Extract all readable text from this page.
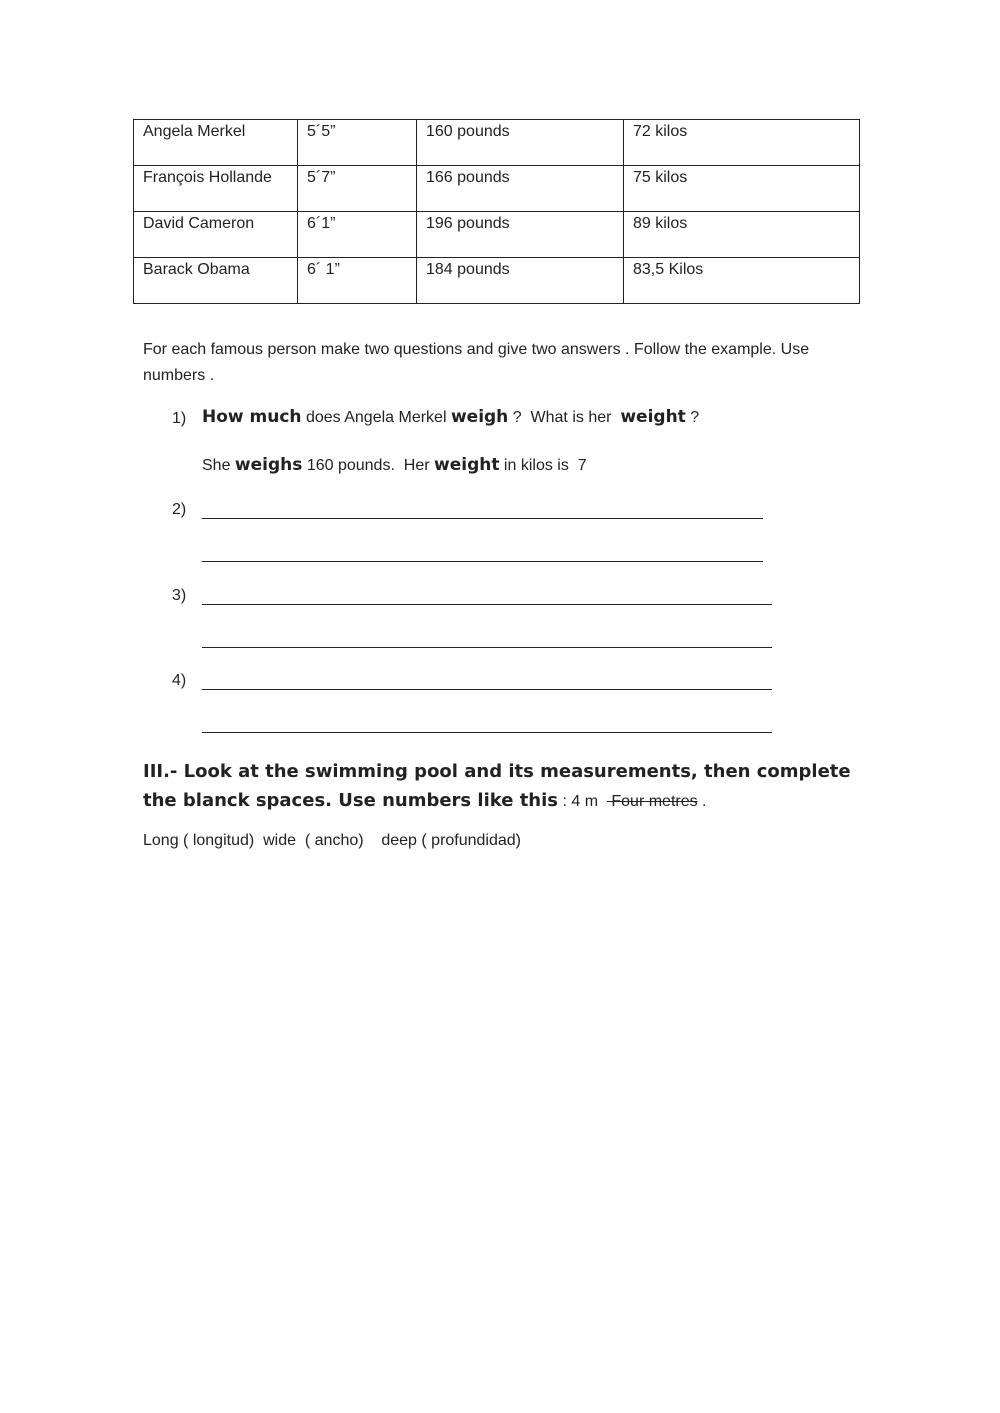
Angela Merkel	5´5”	160 pounds	72 kilos
François Hollande	5´7”	166 pounds	75 kilos
David Cameron	6´1”	196 pounds	89 kilos
Barack Obama	6´ 1”	184 pounds	83,5 Kilos
For each famous person make two questions and give two answers . Follow the example. Use numbers .
1) How much does Angela Merkel weigh ?  What is her  weight ?
She weighs 160 pounds.  Her weight in kilos is  7
2)
3)
4)
III.- Look at the swimming pool and its measurements, then complete the blanck spaces. Use numbers like this : 4 m   Four metres .
Long ( longitud)  wide  ( ancho)    deep ( profundidad)
